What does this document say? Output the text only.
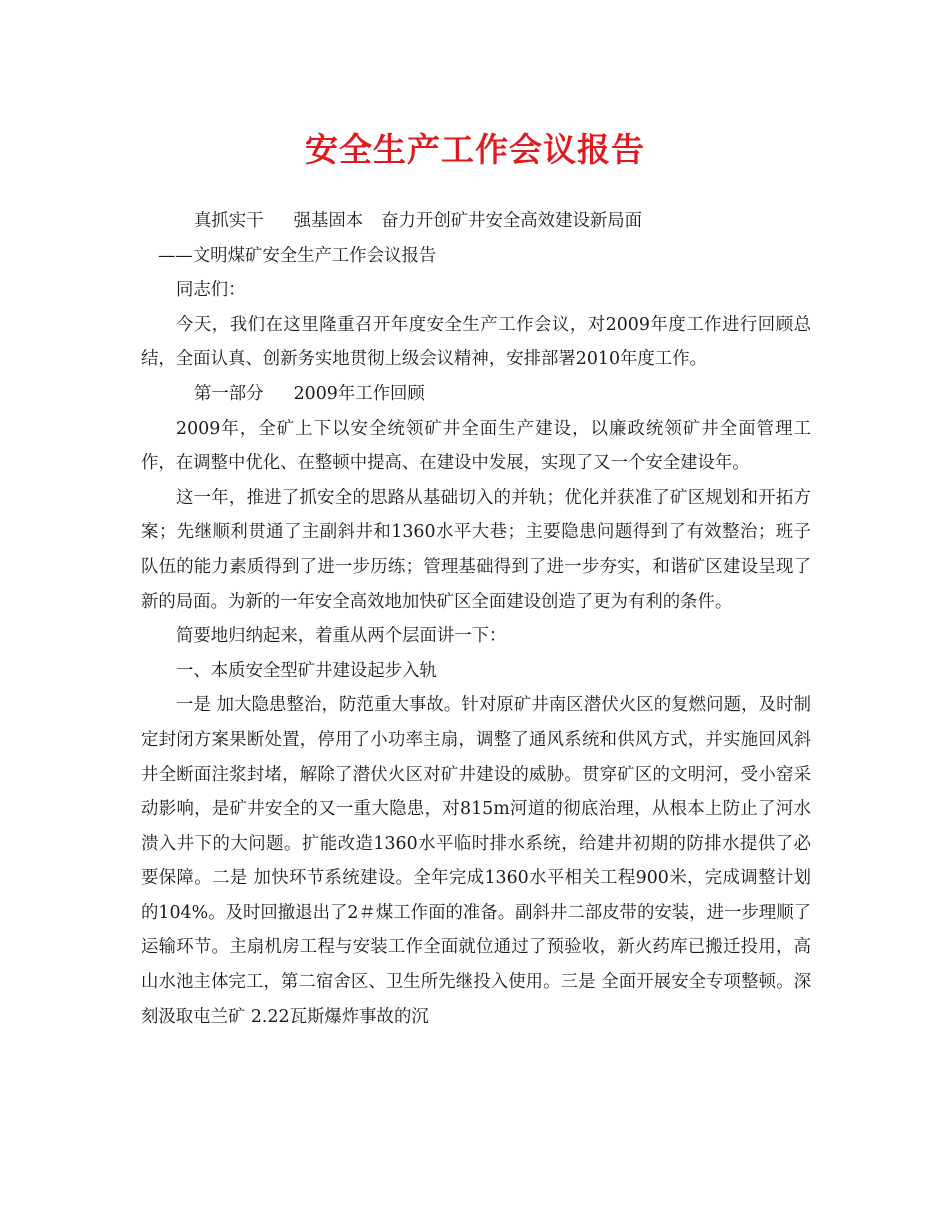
安全生产工作会议报告

真抓实干 强基固本 奋力开创矿井安全高效建设新局面

——文明煤矿安全生产工作会议报告

同志们：

今天，我们在这里隆重召开年度安全生产工作会议，对2009年度工作进行回顾总结，全面认真、创新务实地贯彻上级会议精神，安排部署2010年度工作。

第一部分 2009年工作回顾

2009年，全矿上下以安全统领矿井全面生产建设，以廉政统领矿井全面管理工作，在调整中优化、在整顿中提高、在建设中发展，实现了又一个安全建设年。

这一年，推进了抓安全的思路从基础切入的并轨；优化并获准了矿区规划和开拓方案；先继顺利贯通了主副斜井和1360水平大巷；主要隐患问题得到了有效整治；班子队伍的能力素质得到了进一步历练；管理基础得到了进一步夯实，和谐矿区建设呈现了新的局面。为新的一年安全高效地加快矿区全面建设创造了更为有利的条件。

简要地归纳起来，着重从两个层面讲一下：

一、本质安全型矿井建设起步入轨

一是 加大隐患整治，防范重大事故。针对原矿井南区潜伏火区的复燃问题，及时制定封闭方案果断处置，停用了小功率主扇，调整了通风系统和供风方式，并实施回风斜井全断面注浆封堵，解除了潜伏火区对矿井建设的威胁。贯穿矿区的文明河，受小窑采动影响，是矿井安全的又一重大隐患，对815m河道的彻底治理，从根本上防止了河水溃入井下的大问题。扩能改造1360水平临时排水系统，给建井初期的防排水提供了必要保障。二是 加快环节系统建设。全年完成1360水平相关工程900米，完成调整计划的104%。及时回撤退出了2＃煤工作面的准备。副斜井二部皮带的安装，进一步理顺了运输环节。主扇机房工程与安装工作全面就位通过了预验收，新火药库已搬迁投用，高山水池主体完工，第二宿舍区、卫生所先继投入使用。三是 全面开展安全专项整顿。深刻汲取屯兰矿 2.22瓦斯爆炸事故的沉
